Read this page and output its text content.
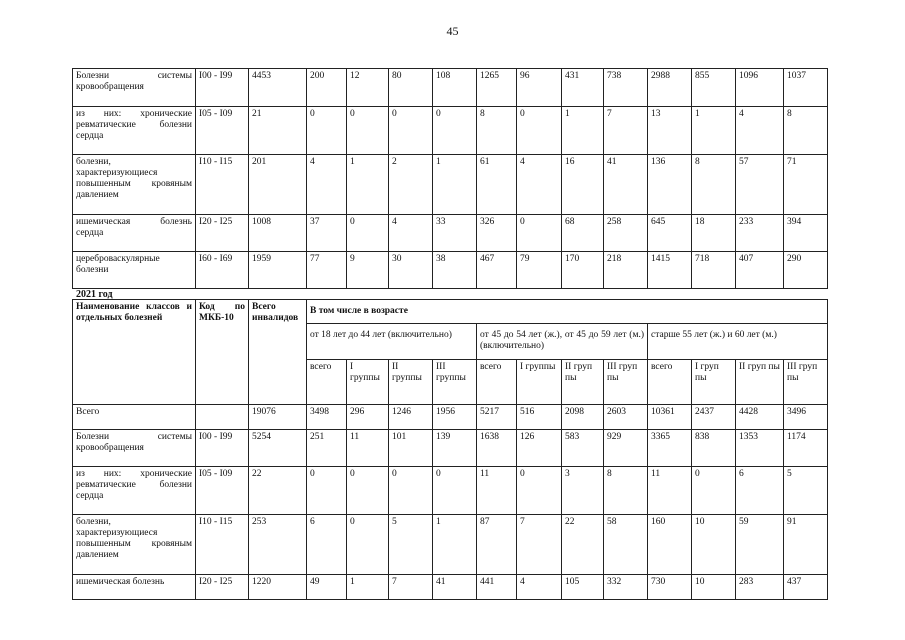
45
Болезни системы кровообращения	I00 - I99	4453	200	12	80	108	1265	96	431	738	2988	855	1096	1037
из них: хронические ревматические болезни сердца	I05 - I09	21	0	0	0	0	8	0	1	7	13	1	4	8
болезни, характеризующиеся повышенным кровяным давлением	I10 - I15	201	4	1	2	1	61	4	16	41	136	8	57	71
ишемическая болезнь сердца	I20 - I25	1008	37	0	4	33	326	0	68	258	645	18	233	394
цереброваскулярные болезни	I60 - I69	1959	77	9	30	38	467	79	170	218	1415	718	407	290
2021 год
Наименование классов и отдельных болезней	Код по МКБ-10	Всего инвалидов	В том числе в возрасте											
			от 18 лет до 44 лет (включительно)				от 45 до 54 лет (ж.), от 45 до 59 лет (м.) (включительно)				старше 55 лет (ж.) и 60 лет (м.)			
			всего	I группы	II группы	III группы	всего	I группы	II груп пы	III груп пы	всего	I груп пы	II груп пы	III груп пы
Всего		19076	3498	296	1246	1956	5217	516	2098	2603	10361	2437	4428	3496
Болезни системы кровообращения	I00 - I99	5254	251	11	101	139	1638	126	583	929	3365	838	1353	1174
из них: хронические ревматические болезни сердца	I05 - I09	22	0	0	0	0	11	0	3	8	11	0	6	5
болезни, характеризующиеся повышенным кровяным давлением	I10 - I15	253	6	0	5	1	87	7	22	58	160	10	59	91
ишемическая болезнь	I20 - I25	1220	49	1	7	41	441	4	105	332	730	10	283	437
